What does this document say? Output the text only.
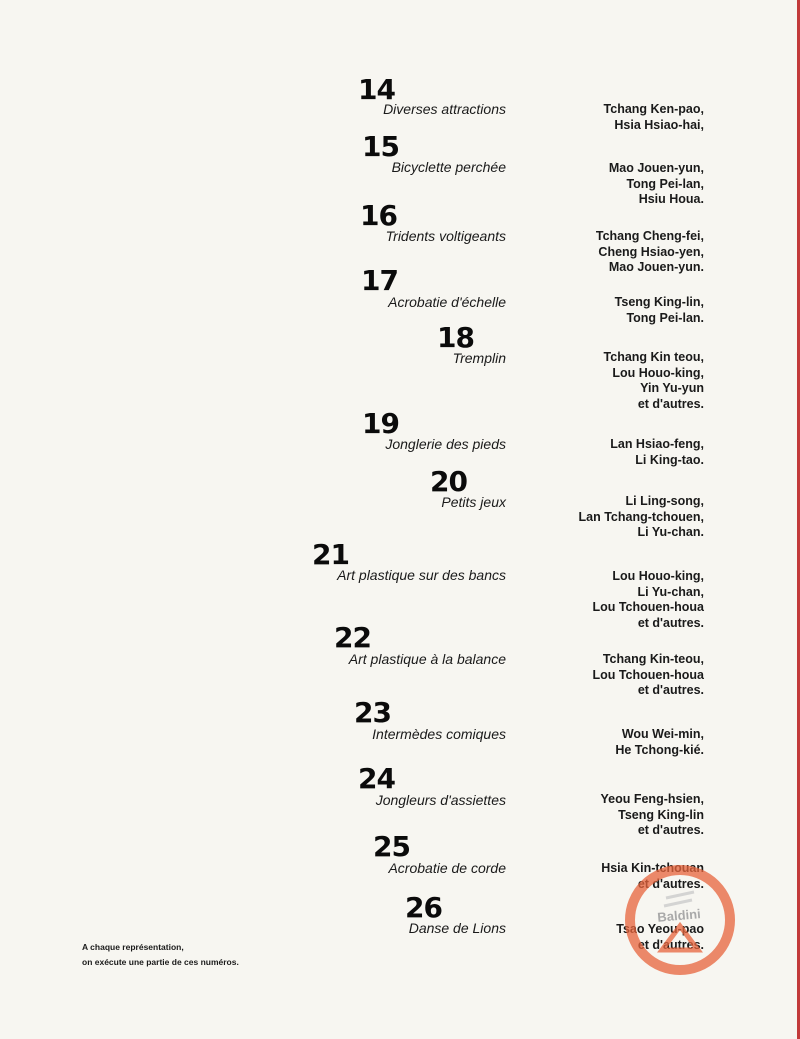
14
Diverses attractions	Tchang Ken-pao,
Hsia Hsiao-hai,
15
Bicyclette perchée	Mao Jouen-yun,
Tong Pei-lan,
Hsiu Houa.
16
Tridents voltigeants	Tchang Cheng-fei,
Cheng Hsiao-yen,
Mao Jouen-yun.
17
Acrobatie d'échelle	Tseng King-lin,
Tong Pei-lan.
18
Tremplin	Tchang Kin teou,
Lou Houo-king,
Yin Yu-yun
et d'autres.
19
Jonglerie des pieds	Lan Hsiao-feng,
Li King-tao.
20
Petits jeux	Li Ling-song,
Lan Tchang-tchouen,
Li Yu-chan.
21
Art plastique sur des bancs	Lou Houo-king,
Li Yu-chan,
Lou Tchouen-houa
et d'autres.
22
Art plastique à la balance	Tchang Kin-teou,
Lou Tchouen-houa
et d'autres.
23
Intermèdes comiques	Wou Wei-min,
He Tchong-kié.
24
Jongleurs d'assiettes	Yeou Feng-hsien,
Tseng King-lin
et d'autres.
25
Acrobatie de corde	Hsia Kin-tchouan
et d'autres.
26
Danse de Lions	Tsao Yeou-pao
et d'autres.
A chaque représentation,
on exécute une partie de ces numéros.
Baldini
